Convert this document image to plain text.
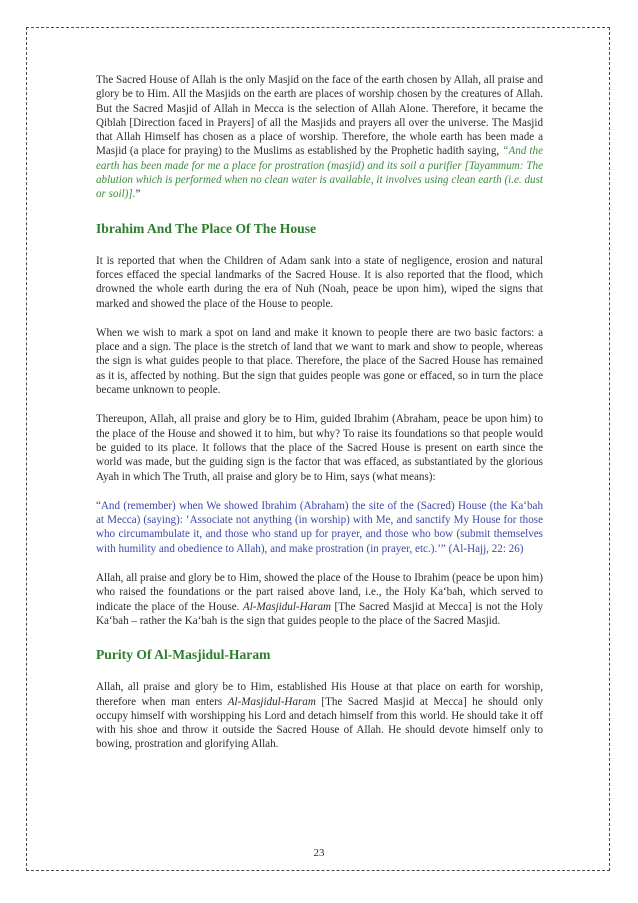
The Sacred House of Allah is the only Masjid on the face of the earth chosen by Allah, all praise and glory be to Him. All the Masjids on the earth are places of worship chosen by the creatures of Allah. But the Sacred Masjid of Allah in Mecca is the selection of Allah Alone. Therefore, it became the Qiblah [Direction faced in Prayers] of all the Masjids and prayers all over the universe. The Masjid that Allah Himself has chosen as a place of worship. Therefore, the whole earth has been made a Masjid (a place for praying) to the Muslims as established by the Prophetic hadith saying, “And the earth has been made for me a place for prostration (masjid) and its soil a purifier [Tayammum: The ablution which is performed when no clean water is available, it involves using clean earth (i.e. dust or soil)].”

Ibrahim And The Place Of The House

It is reported that when the Children of Adam sank into a state of negligence, erosion and natural forces effaced the special landmarks of the Sacred House. It is also reported that the flood, which drowned the whole earth during the era of Nuh (Noah, peace be upon him), wiped the signs that marked and showed the place of the House to people.

When we wish to mark a spot on land and make it known to people there are two basic factors: a place and a sign. The place is the stretch of land that we want to mark and show to people, whereas the sign is what guides people to that place. Therefore, the place of the Sacred House has remained as it is, affected by nothing. But the sign that guides people was gone or effaced, so in turn the place became unknown to people.

Thereupon, Allah, all praise and glory be to Him, guided Ibrahim (Abraham, peace be upon him) to the place of the House and showed it to him, but why? To raise its foundations so that people would be guided to its place. It follows that the place of the Sacred House is present on earth since the world was made, but the guiding sign is the factor that was effaced, as substantiated by the glorious Ayah in which The Truth, all praise and glory be to Him, says (what means):

“And (remember) when We showed Ibrahim (Abraham) the site of the (Sacred) House (the Ka‘bah at Mecca) (saying): ‘Associate not anything (in worship) with Me, and sanctify My House for those who circumambulate it, and those who stand up for prayer, and those who bow (submit themselves with humility and obedience to Allah), and make prostration (in prayer, etc.).’” (Al-Hajj, 22: 26)

Allah, all praise and glory be to Him, showed the place of the House to Ibrahim (peace be upon him) who raised the foundations or the part raised above land, i.e., the Holy Ka‘bah, which served to indicate the place of the House. Al-Masjidul-Haram [The Sacred Masjid at Mecca] is not the Holy Ka‘bah – rather the Ka‘bah is the sign that guides people to the place of the Sacred Masjid.

Purity Of Al-Masjidul-Haram

Allah, all praise and glory be to Him, established His House at that place on earth for worship, therefore when man enters Al-Masjidul-Haram [The Sacred Masjid at Mecca] he should only occupy himself with worshipping his Lord and detach himself from this world. He should take it off with his shoe and throw it outside the Sacred House of Allah. He should devote himself only to bowing, prostration and glorifying Allah.

23
